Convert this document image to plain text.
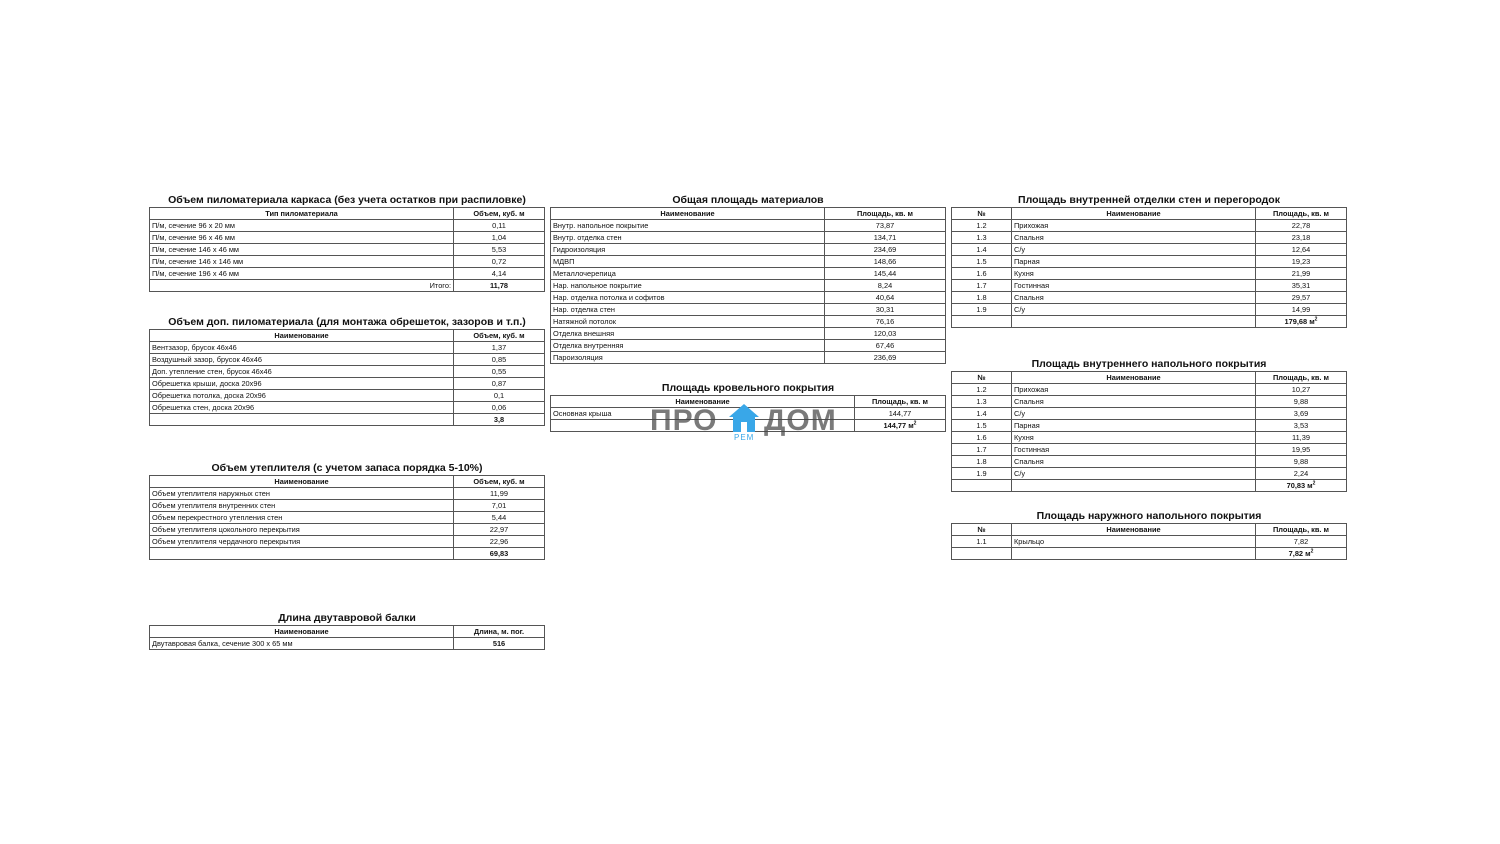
Объем пиломатериала каркаса (без учета остатков при распиловке)
Тип пиломатериала	Объем, куб. м
П/м, сечение 96 х 20 мм	0,11
П/м, сечение 96 х 46 мм	1,04
П/м, сечение 146 х 46 мм	5,53
П/м, сечение 146 х 146 мм	0,72
П/м, сечение 196 х 46 мм	4,14
Итого:	11,78
Объем доп. пиломатериала (для монтажа обрешеток, зазоров и т.п.)
Наименование	Объем, куб. м
Вентзазор, брусок 46х46	1,37
Воздушный зазор, брусок 46х46	0,85
Доп. утепление стен, брусок 46х46	0,55
Обрешетка крыши, доска 20х96	0,87
Обрешетка потолка, доска 20х96	0,1
Обрешетка стен, доска 20х96	0,06
	3,8
Объем утеплителя (с учетом запаса порядка 5-10%)
Наименование	Объем, куб. м
Объем утеплителя наружных стен	11,99
Объем утеплителя внутренних стен	7,01
Объем перекрестного утепления стен	5,44
Объем утеплителя цокольного перекрытия	22,97
Объем утеплителя чердачного перекрытия	22,96
	69,83
Длина двутавровой балки
Наименование	Длина, м. пог.
Двутавровая балка, сечение 300 х 65 мм	516
Общая площадь материалов
Наименование	Площадь, кв. м
Внутр. напольное покрытие	73,87
Внутр. отделка стен	134,71
Гидроизоляция	234,69
МДВП	148,66
Металлочерепица	145,44
Нар. напольное покрытие	8,24
Нар. отделка потолка и софитов	40,64
Нар. отделка стен	30,31
Натяжной потолок	76,16
Отделка внешняя	120,03
Отделка внутренняя	67,46
Пароизоляция	236,69
Площадь кровельного покрытия
Наименование	Площадь, кв. м
Основная крыша	144,77
	144,77 $м^2$
Площадь внутренней отделки стен и перегородок
№	Наименование	Площадь, кв. м
1.2	Прихожая	22,78
1.3	Спальня	23,18
1.4	С/у	12,64
1.5	Парная	19,23
1.6	Кухня	21,99
1.7	Гостинная	35,31
1.8	Спальня	29,57
1.9	С/у	14,99
		179,68 $м^2$
Площадь внутреннего напольного покрытия
№	Наименование	Площадь, кв. м
1.2	Прихожая	10,27
1.3	Спальня	9,88
1.4	С/у	3,69
1.5	Парная	3,53
1.6	Кухня	11,39
1.7	Гостинная	19,95
1.8	Спальня	9,88
1.9	С/у	2,24
		70,83 $м^2$
Площадь наружного напольного покрытия
№	Наименование	Площадь, кв. м
1.1	Крыльцо	7,82
		7,82 $м^2$
ПРО
РЕМ
ДОМ
